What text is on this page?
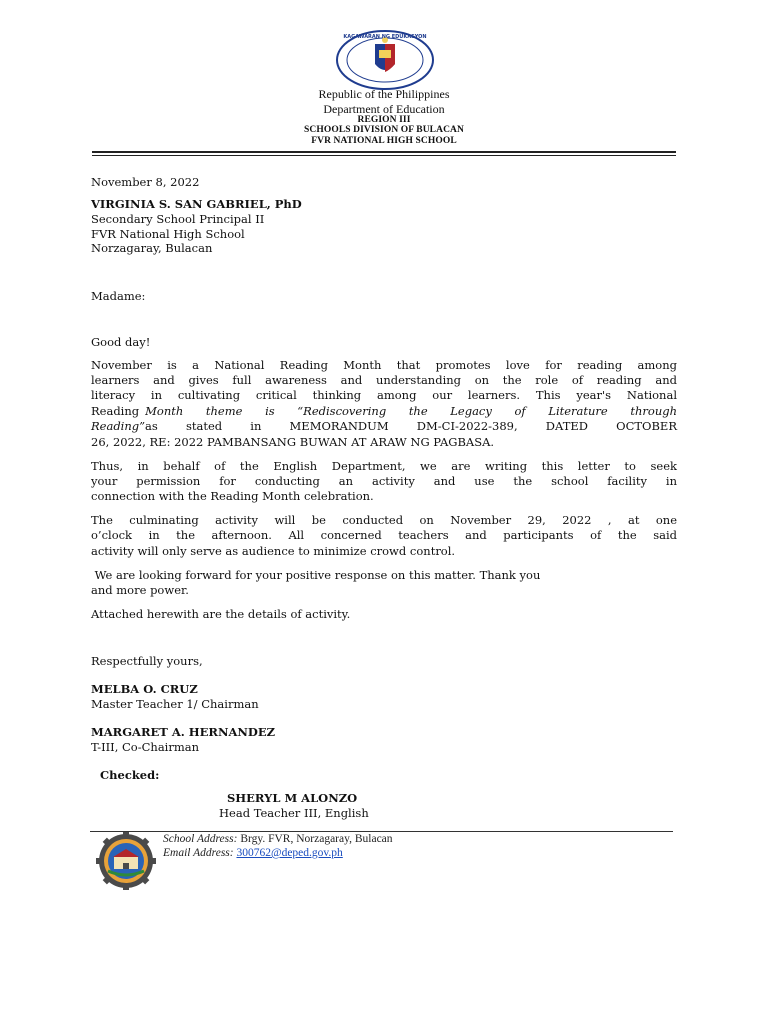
KAGAWARAN NG EDUKASYON
Republic of the Philippines
Department of Education
REGION III
SCHOOLS DIVISION OF BULACAN
FVR NATIONAL HIGH SCHOOL
November 8, 2022
VIRGINIA S. SAN GABRIEL, PhD
Secondary School Principal II
FVR National High School
Norzagaray, Bulacan
Madame:
Good day!
November is a National Reading Month that promotes love for reading among
learners and gives full awareness and understanding on the role of reading and
literacy in cultivating critical thinking among our learners. This year's National
Reading Month theme is “Rediscovering the Legacy of Literature through
Reading” as stated in MEMORANDUM DM-CI-2022-389, DATED OCTOBER
26, 2022, RE: 2022 PAMBANSANG BUWAN AT ARAW NG PAGBASA.
Thus, in behalf of the English Department, we are writing this letter to seek
your permission for conducting an activity and use the school facility in
connection with the Reading Month celebration.
The culminating activity will be conducted on November 29, 2022 , at one
o’clock in the afternoon. All concerned teachers and participants of the said
activity will only serve as audience to minimize crowd control.
We are looking forward for your positive response on this matter. Thank you
and more power.
Attached herewith are the details of activity.
Respectfully yours,
MELBA O. CRUZ
Master Teacher 1/ Chairman
MARGARET A. HERNANDEZ
T-III, Co-Chairman
Checked:
SHERYL M ALONZO
Head Teacher III, English
School Address: Brgy. FVR, Norzagaray, Bulacan
Email Address: 300762@deped.gov.ph
